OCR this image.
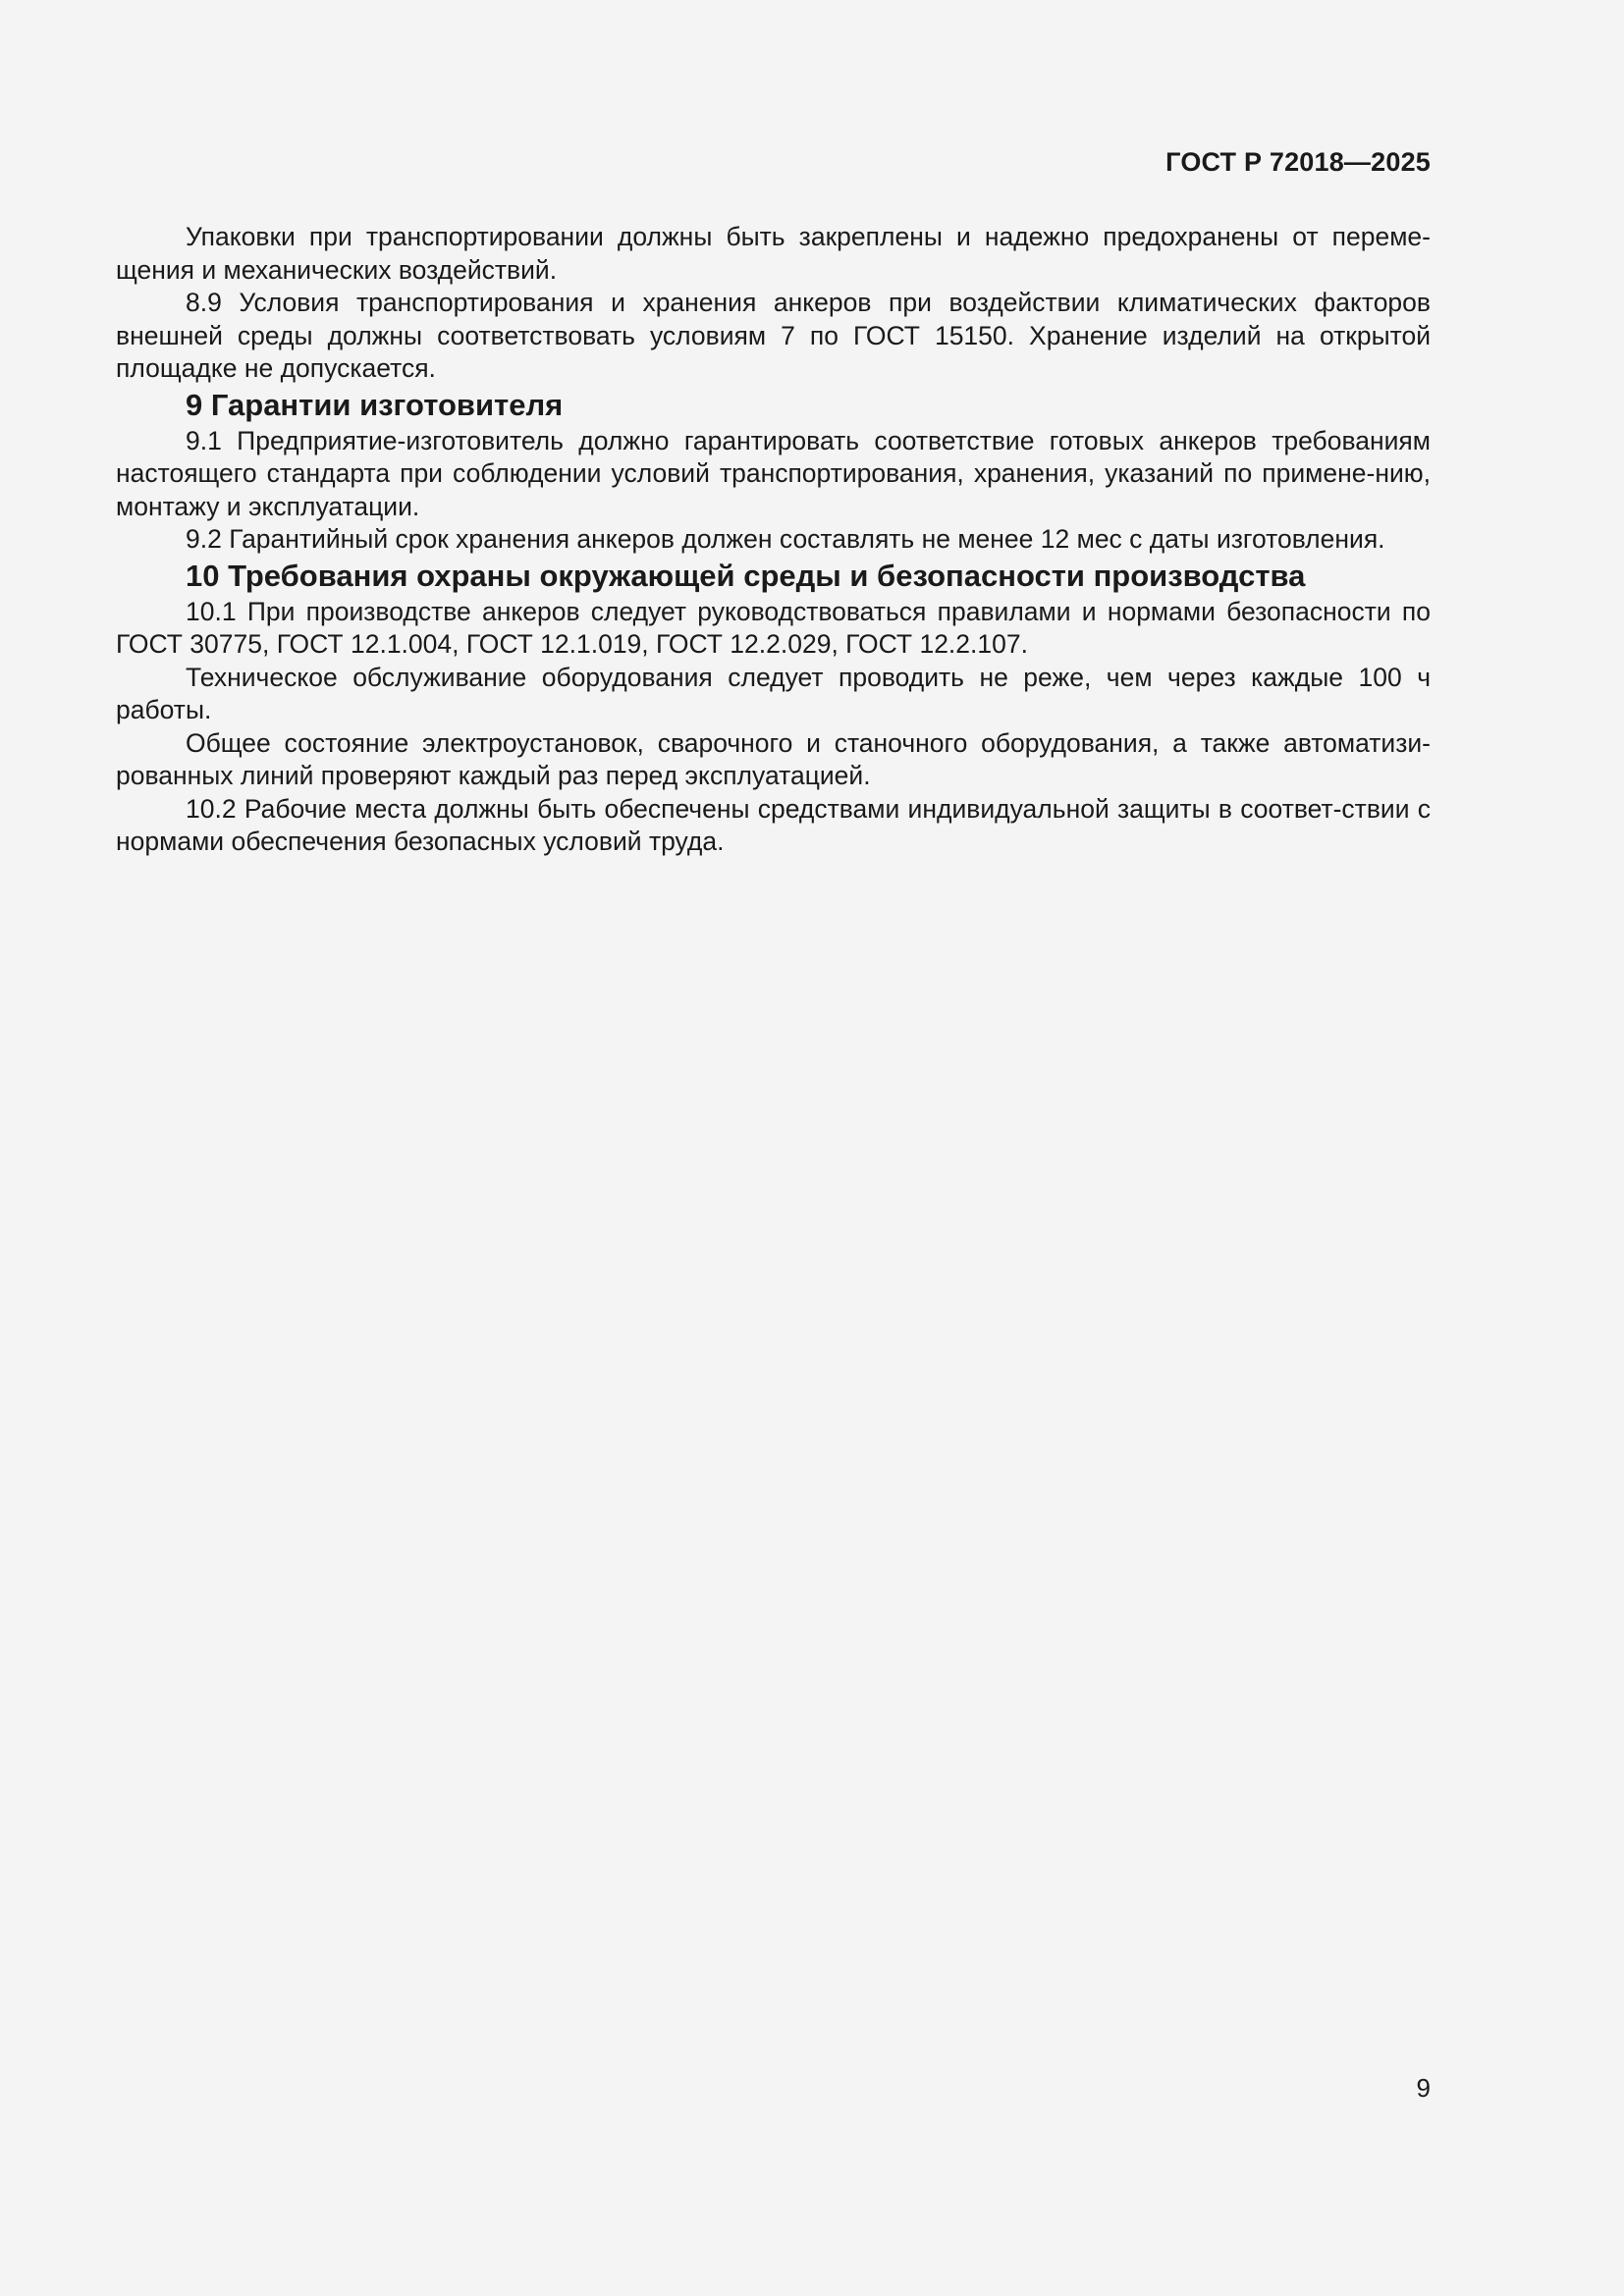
ГОСТ Р 72018—2025

Упаковки при транспортировании должны быть закреплены и надежно предохранены от переме-щения и механических воздействий.

8.9 Условия транспортирования и хранения анкеров при воздействии климатических факторов внешней среды должны соответствовать условиям 7 по ГОСТ 15150. Хранение изделий на открытой площадке не допускается.

9 Гарантии изготовителя

9.1 Предприятие-изготовитель должно гарантировать соответствие готовых анкеров требованиям настоящего стандарта при соблюдении условий транспортирования, хранения, указаний по примене-нию, монтажу и эксплуатации.

9.2 Гарантийный срок хранения анкеров должен составлять не менее 12 мес с даты изготовления.

10 Требования охраны окружающей среды и безопасности производства

10.1 При производстве анкеров следует руководствоваться правилами и нормами безопасности по ГОСТ 30775, ГОСТ 12.1.004, ГОСТ 12.1.019, ГОСТ 12.2.029, ГОСТ 12.2.107.

Техническое обслуживание оборудования следует проводить не реже, чем через каждые 100 ч работы.

Общее состояние электроустановок, сварочного и станочного оборудования, а также автоматизи-рованных линий проверяют каждый раз перед эксплуатацией.

10.2 Рабочие места должны быть обеспечены средствами индивидуальной защиты в соответ-ствии с нормами обеспечения безопасных условий труда.

9
